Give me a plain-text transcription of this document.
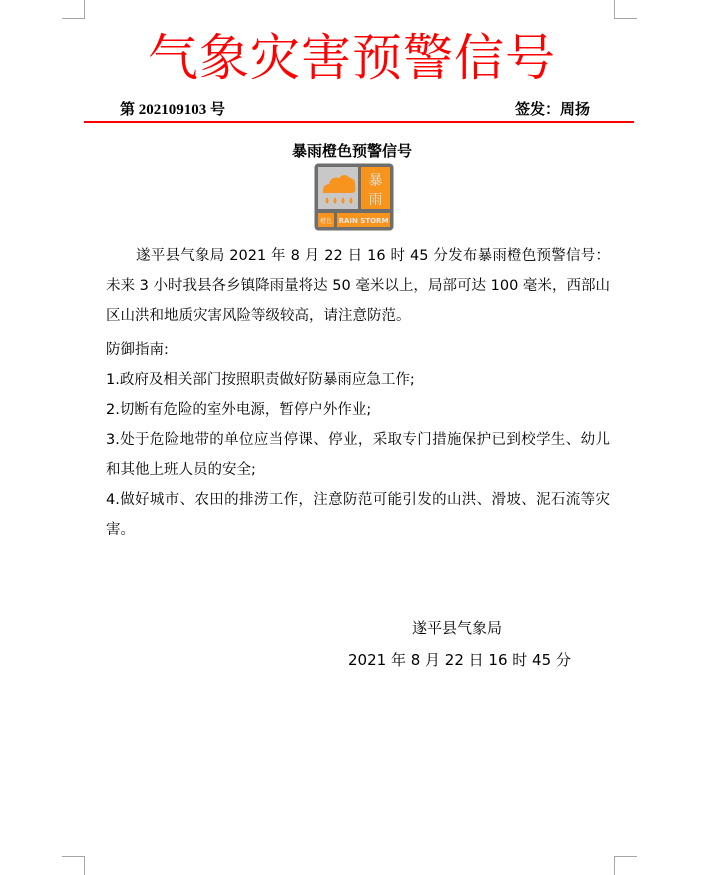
气象灾害预警信号
第 202109103 号	签发：周扬
暴雨橙色预警信号
暴
雨
橙色 RAIN STORM
遂平县气象局 2021 年 8 月 22 日 16 时 45 分发布暴雨橙色预警信号：未来 3 小时我县各乡镇降雨量将达 50 毫米以上，局部可达 100 毫米，西部山区山洪和地质灾害风险等级较高，请注意防范。
防御指南:
1.政府及相关部门按照职责做好防暴雨应急工作;
2.切断有危险的室外电源，暂停户外作业;
3.处于危险地带的单位应当停课、停业，采取专门措施保护已到校学生、幼儿和其他上班人员的安全;
4.做好城市、农田的排涝工作，注意防范可能引发的山洪、滑坡、泥石流等灾害。
遂平县气象局
2021 年 8 月 22 日 16 时 45 分
